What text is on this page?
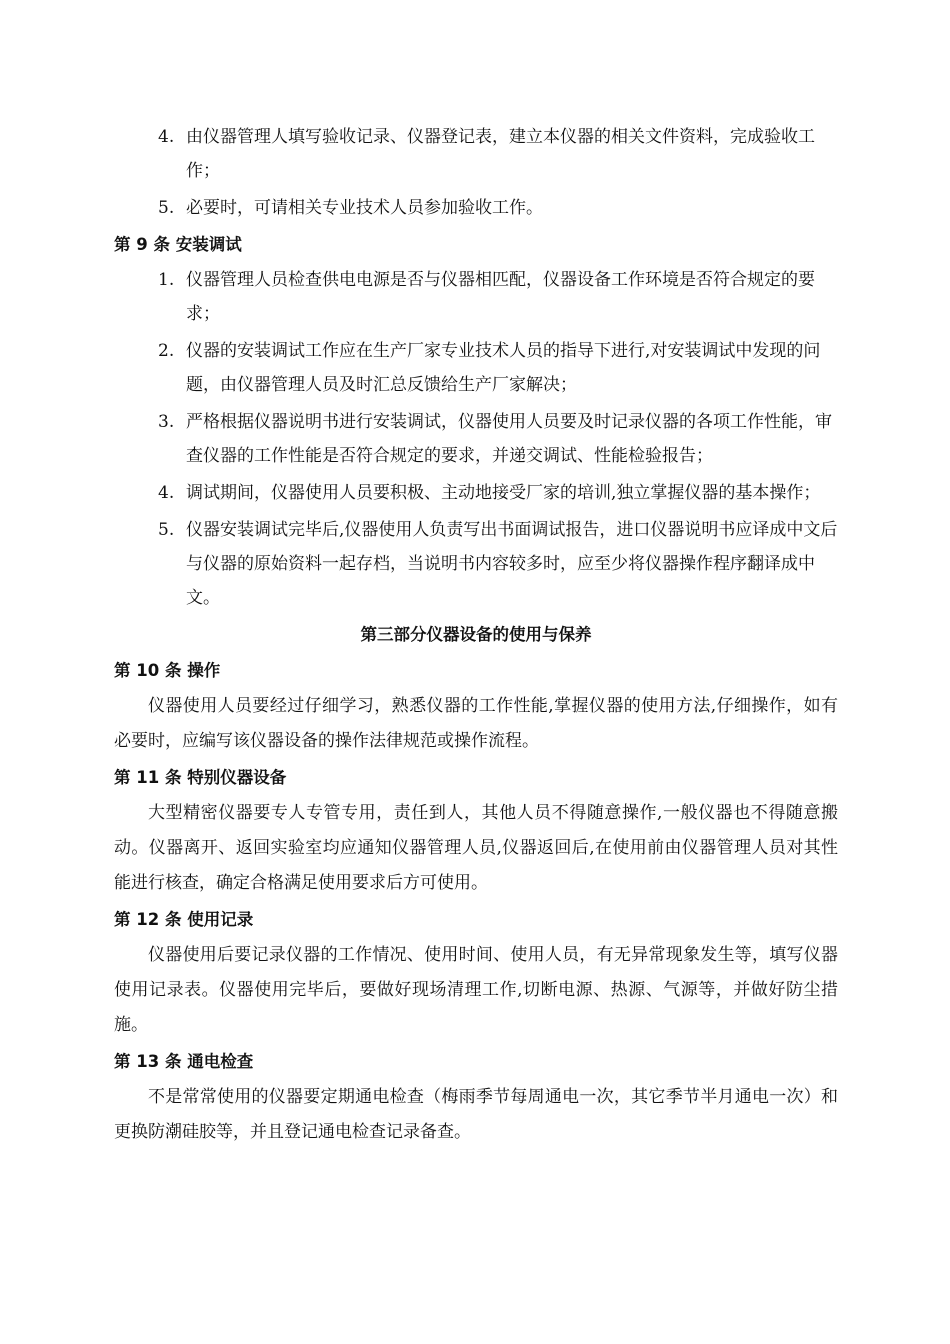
4. 由仪器管理人填写验收记录、仪器登记表，建立本仪器的相关文件资料，完成验收工作；
5. 必要时，可请相关专业技术人员参加验收工作。
第 9 条 安装调试
1. 仪器管理人员检查供电电源是否与仪器相匹配，仪器设备工作环境是否符合规定的要求；
2. 仪器的安装调试工作应在生产厂家专业技术人员的指导下进行,对安装调试中发现的问题，由仪器管理人员及时汇总反馈给生产厂家解决；
3. 严格根据仪器说明书进行安装调试，仪器使用人员要及时记录仪器的各项工作性能，审查仪器的工作性能是否符合规定的要求，并递交调试、性能检验报告；
4. 调试期间，仪器使用人员要积极、主动地接受厂家的培训,独立掌握仪器的基本操作；
5. 仪器安装调试完毕后,仪器使用人负责写出书面调试报告，进口仪器说明书应译成中文后与仪器的原始资料一起存档，当说明书内容较多时，应至少将仪器操作程序翻译成中文。
第三部分仪器设备的使用与保养
第 10 条 操作

仪器使用人员要经过仔细学习，熟悉仪器的工作性能,掌握仪器的使用方法,仔细操作，如有必要时，应编写该仪器设备的操作法律规范或操作流程。

第 11 条 特别仪器设备

大型精密仪器要专人专管专用，责任到人，其他人员不得随意操作,一般仪器也不得随意搬动。仪器离开、返回实验室均应通知仪器管理人员,仪器返回后,在使用前由仪器管理人员对其性能进行核查，确定合格满足使用要求后方可使用。

第 12 条 使用记录

仪器使用后要记录仪器的工作情况、使用时间、使用人员，有无异常现象发生等，填写仪器使用记录表。仪器使用完毕后，要做好现场清理工作,切断电源、热源、气源等，并做好防尘措施。

第 13 条 通电检查

不是常常使用的仪器要定期通电检查（梅雨季节每周通电一次，其它季节半月通电一次）和更换防潮硅胶等，并且登记通电检查记录备查。
